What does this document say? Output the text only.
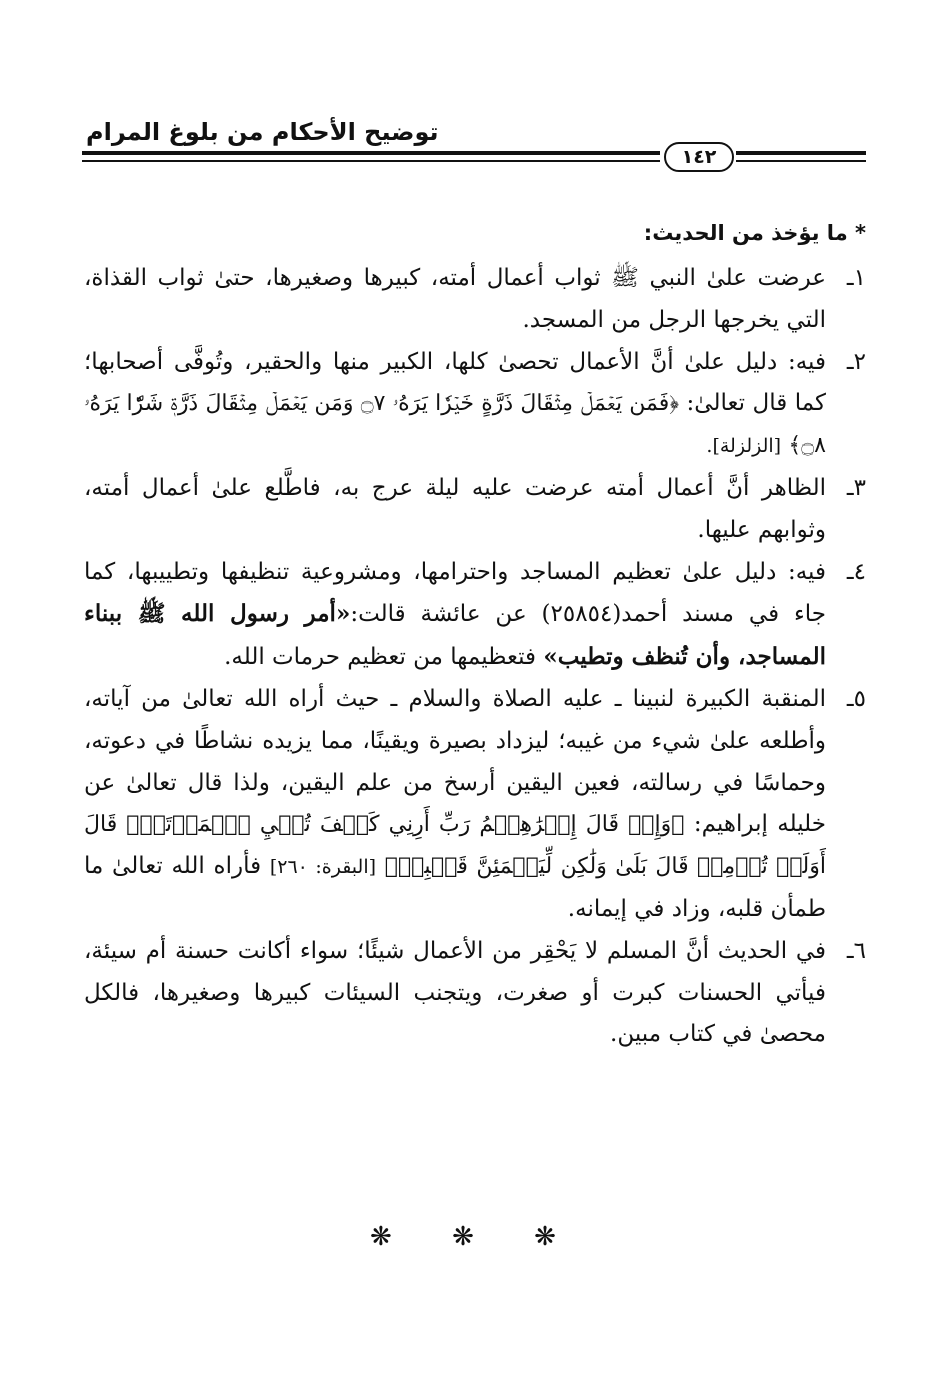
توضيح الأحكام من بلوغ المرام
١٤٢

* ما يؤخذ من الحديث:

١ـعرضت علىٰ النبي ﷺ ثواب أعمال أمته، كبيرها وصغيرها، حتىٰ ثواب القذاة، التي يخرجها الرجل من المسجد.

٢ـفيه: دليل علىٰ أنَّ الأعمال تحصىٰ كلها، الكبير منها والحقير، وتُوفَّى أصحابها؛ كما قال تعالىٰ: ﴿فَمَن يَعۡمَلۡ مِثۡقَالَ ذَرَّةٍ خَيۡرٗا يَرَهُۥ ۝٧ وَمَن يَعۡمَلۡ مِثۡقَالَ ذَرَّةٖ شَرّٗا يَرَهُۥ ۝٨﴾ [الزلزلة].

٣ـالظاهر أنَّ أعمال أمته عرضت عليه ليلة عرج به، فاطَّلع علىٰ أعمال أمته، وثوابهم عليها.

٤ـفيه: دليل علىٰ تعظيم المساجد واحترامها، ومشروعية تنظيفها وتطييبها، كما جاء في مسند أحمد(٢٥٨٥٤) عن عائشة قالت:«أمر رسول الله ﷺ ببناء المساجد، وأن تُنظف وتطيب» فتعظيمها من تعظيم حرمات الله.

٥ـالمنقبة الكبيرة لنبينا ـ عليه الصلاة والسلام ـ حيث أراه الله تعالىٰ من آياته، وأطلعه علىٰ شيء من غيبه؛ ليزداد بصيرة ويقينًا، مما يزيده نشاطًا في دعوته، وحماسًا في رسالته، فعين اليقين أرسخ من علم اليقين، ولذا قال تعالىٰ عن خليله إبراهيم: ﴿وَإِذۡ قَالَ إِبۡرَٰهِـۧمُ رَبِّ أَرِنِي كَيۡفَ تُحۡيِ ٱلۡمَوۡتَىٰۖ قَالَ أَوَلَمۡ تُؤۡمِنۖ قَالَ بَلَىٰ وَلَٰكِن لِّيَطۡمَئِنَّ قَلۡبِيۖ﴾ [البقرة: ٢٦٠] فأراه الله تعالىٰ ما طمأن قلبه، وزاد في إيمانه.

٦ـفي الحديث أنَّ المسلم لا يَحْقِر من الأعمال شيئًا؛ سواء أكانت حسنة أم سيئة، فيأتي الحسنات كبرت أو صغرت، ويتجنب السيئات كبيرها وصغيرها، فالكل محصىٰ في كتاب مبين.

❋ ❋ ❋
